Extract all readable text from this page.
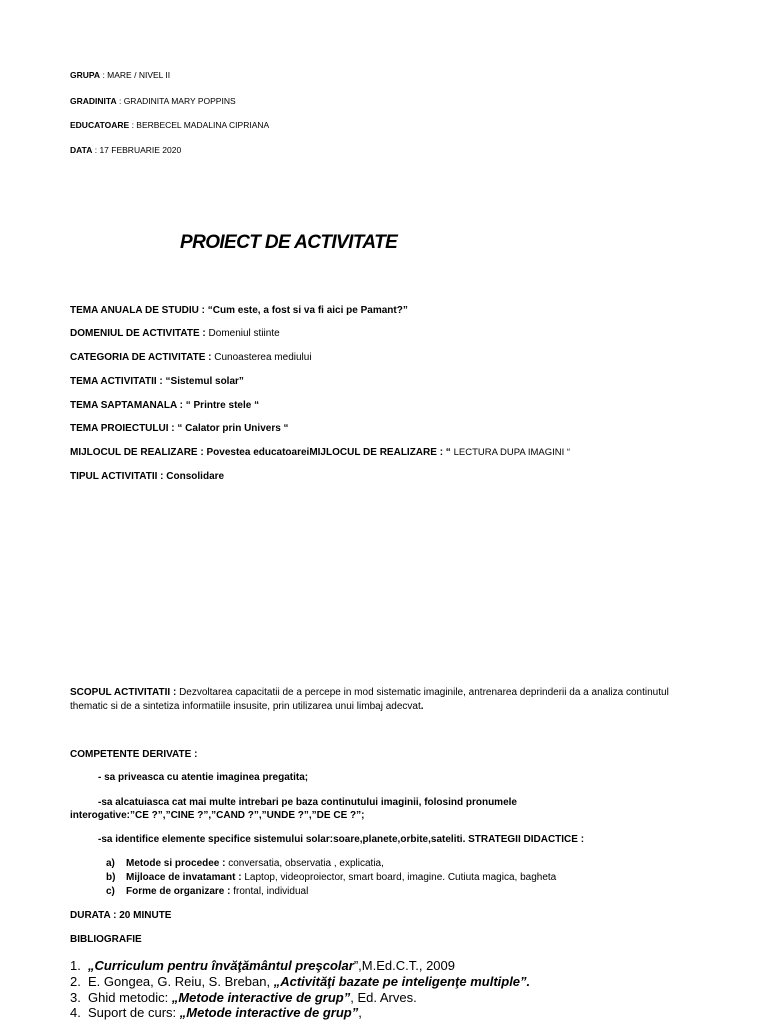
GRUPA : MARE / NIVEL II
GRADINITA : GRADINITA MARY POPPINS
EDUCATOARE : BERBECEL MADALINA CIPRIANA
DATA : 17 FEBRUARIE 2020
PROIECT DE ACTIVITATE
TEMA ANUALA DE STUDIU : “Cum este, a fost si va fi aici pe Pamant?”
DOMENIUL DE ACTIVITATE : Domeniul stiinte
CATEGORIA DE ACTIVITATE : Cunoasterea mediului
TEMA ACTIVITATII : “Sistemul solar”
TEMA SAPTAMANALA : “ Printre stele “
TEMA PROIECTULUI : “ Calator prin Univers “
MIJLOCUL DE REALIZARE : Povestea educatoareiMIJLOCUL DE REALIZARE : “ LECTURA DUPA IMAGINI “
TIPUL ACTIVITATII : Consolidare
SCOPUL ACTIVITATII : Dezvoltarea capacitatii de a percepe in mod sistematic imaginile, antrenarea deprinderii da a analiza continutul thematic si de a sintetiza informatiile insusite, prin utilizarea unui limbaj adecvat.
COMPETENTE DERIVATE :
- sa priveasca cu atentie imaginea pregatita;
-sa alcatuiasca cat mai multe intrebari pe baza continutului imaginii, folosind pronumele
interogative:”CE ?”,”CINE ?”,”CAND ?”,”UNDE ?”,”DE CE ?”;
-sa identifice elemente specifice sistemului solar:soare,planete,orbite,sateliti. STRATEGII DIDACTICE :
a) Metode si procedee : conversatia, observatia , explicatia,
b) Mijloace de invatamant : Laptop, videoproiector, smart board, imagine. Cutiuta magica, bagheta
c) Forme de organizare : frontal, individual
DURATA : 20 MINUTE
BIBLIOGRAFIE
1. „Curriculum pentru învăţământul preşcolar”,M.Ed.C.T., 2009
2. E. Gongea, G. Reiu, S. Breban, „Activităţi bazate pe inteligenţe multiple”.
3. Ghid metodic: „Metode interactive de grup”, Ed. Arves.
4. Suport de curs: „Metode interactive de grup”,
